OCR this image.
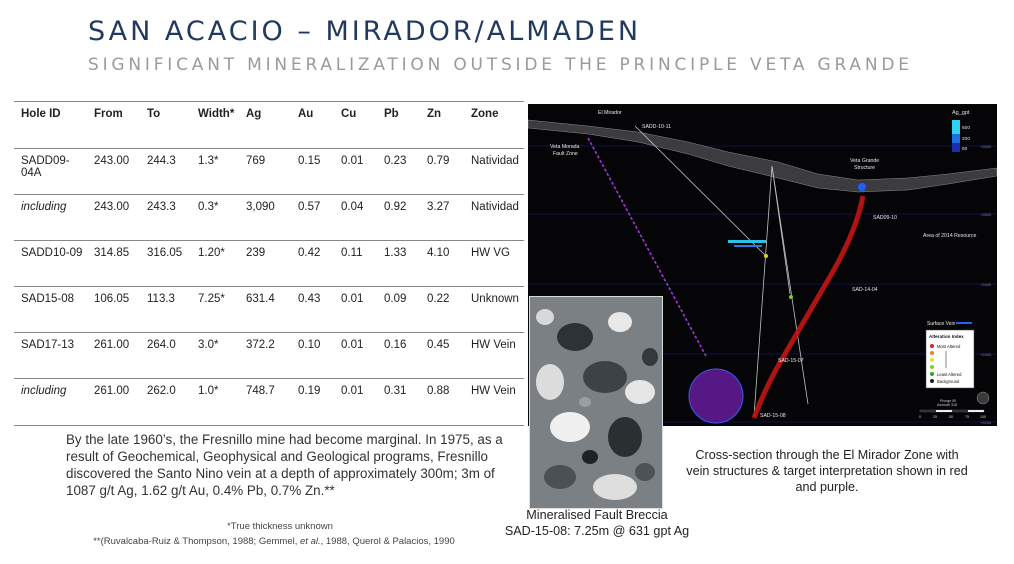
SAN ACACIO – MIRADOR/ALMADEN
SIGNIFICANT MINERALIZATION OUTSIDE THE PRINCIPLE VETA GRANDE
Hole ID	From	To	Width*	Ag	Au	Cu	Pb	Zn	Zone
SADD09-04A	243.00	244.3	1.3*	769	0.15	0.01	0.23	0.79	Natividad
including	243.00	243.3	0.3*	3,090	0.57	0.04	0.92	3.27	Natividad
SADD10-09	314.85	316.05	1.20*	239	0.42	0.11	1.33	4.10	HW VG
SAD15-08	106.05	113.3	7.25*	631.4	0.43	0.01	0.09	0.22	Unknown
SAD17-13	261.00	264.0	3.0*	372.2	0.10	0.01	0.16	0.45	HW Vein
including	261.00	262.0	1.0*	748.7	0.19	0.01	0.31	0.88	HW Vein
By the late 1960’s, the Fresnillo mine had become marginal. In 1975, as a result of Geochemical, Geophysical and Geological programs, Fresnillo discovered the Santo Nino vein at a depth of approximately 300m; 3m of 1087 g/t Ag, 1.62 g/t Au, 0.4% Pb, 0.7% Zn.**
*True thickness unknown
**(Ruvalcaba-Ruiz & Thompson, 1988; Gemmel, et al., 1988, Querol & Palacios, 1990
+2600
+2500
+2400
+2300
+2200
El Mirador
SADD-10-11
Veta Morada
Fault Zone
Veta Grande
Structure
SAD09-10
Area of 2014 Resource
SAD-14-04
SAD-15-07
SAD-15-08
Ag_gpt
600
200
60
Surface Vein
Alteration Index
Most Altered
Least Altered
Background
Plunge 00
Azimuth 318
0	25	50	75	100
Mineralised Fault Breccia
SAD-15-08: 7.25m @ 631 gpt Ag
Cross-section through the El Mirador Zone with vein structures & target interpretation shown in red and purple.
